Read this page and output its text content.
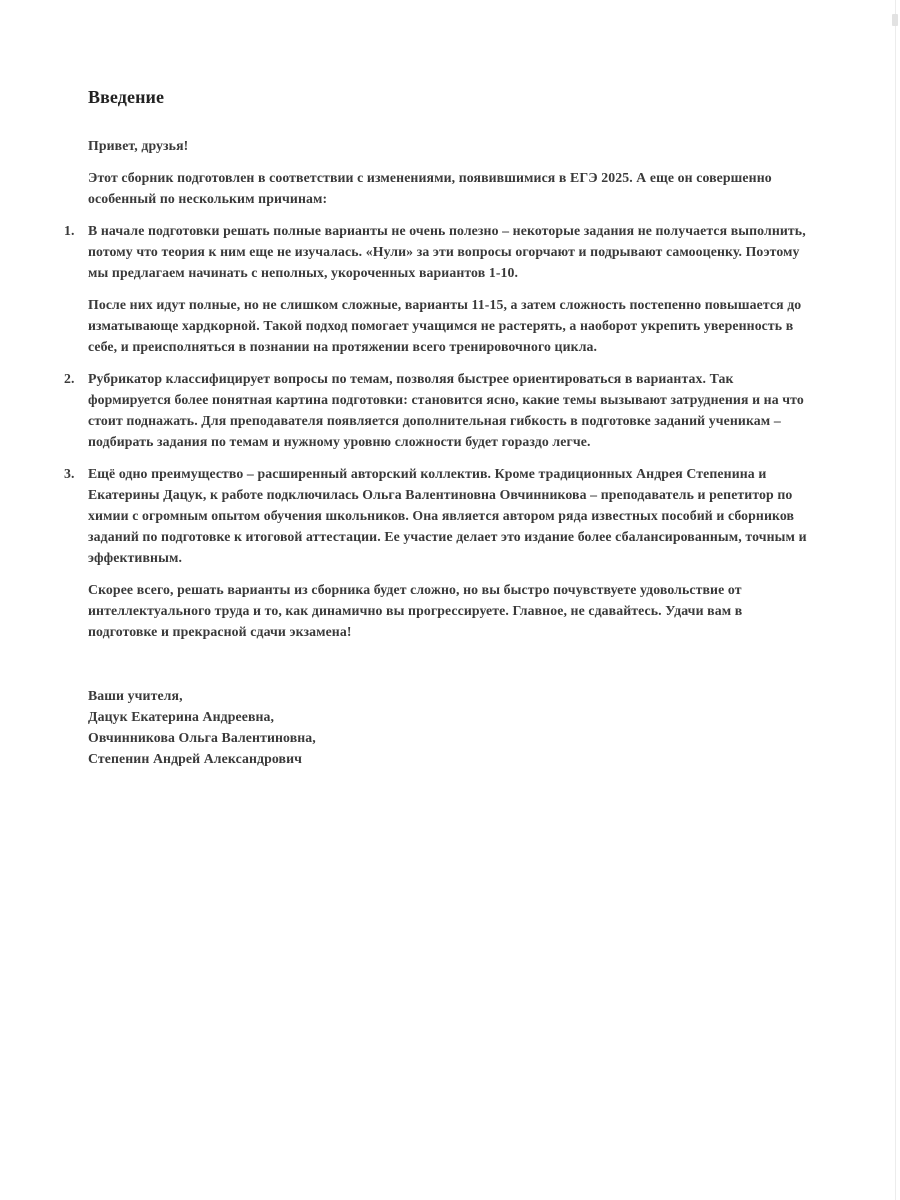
Введение

Привет, друзья!

Этот сборник подготовлен в соответствии с изменениями, появившимися в ЕГЭ 2025. А еще он совершенно особенный по нескольким причинам:

1. В начале подготовки решать полные варианты не очень полезно – некоторые задания не получается выполнить, потому что теория к ним еще не изучалась. «Нули» за эти вопросы огорчают и подрывают самооценку. Поэтому мы предлагаем начинать с неполных, укороченных вариантов 1-10.

После них идут полные, но не слишком сложные, варианты 11-15, а затем сложность постепенно повышается до изматывающе хардкорной. Такой подход помогает учащимся не растерять, а наоборот укрепить уверенность в себе, и преисполняться в познании на протяжении всего тренировочного цикла.

2. Рубрикатор классифицирует вопросы по темам, позволяя быстрее ориентироваться в вариантах. Так формируется более понятная картина подготовки: становится ясно, какие темы вызывают затруднения и на что стоит поднажать. Для преподавателя появляется дополнительная гибкость в подготовке заданий ученикам – подбирать задания по темам и нужному уровню сложности будет гораздо легче.

3. Ещё одно преимущество – расширенный авторский коллектив. Кроме традиционных Андрея Степенина и Екатерины Дацук, к работе подключилась Ольга Валентиновна Овчинникова – преподаватель и репетитор по химии с огромным опытом обучения школьников. Она является автором ряда известных пособий и сборников заданий по подготовке к итоговой аттестации. Ее участие делает это издание более сбалансированным, точным и эффективным.

Скорее всего, решать варианты из сборника будет сложно, но вы быстро почувствуете удовольствие от интеллектуального труда и то, как динамично вы прогрессируете. Главное, не сдавайтесь. Удачи вам в подготовке и прекрасной сдачи экзамена!

Ваши учителя,

Дацук Екатерина Андреевна,

Овчинникова Ольга Валентиновна,

Степенин Андрей Александрович
